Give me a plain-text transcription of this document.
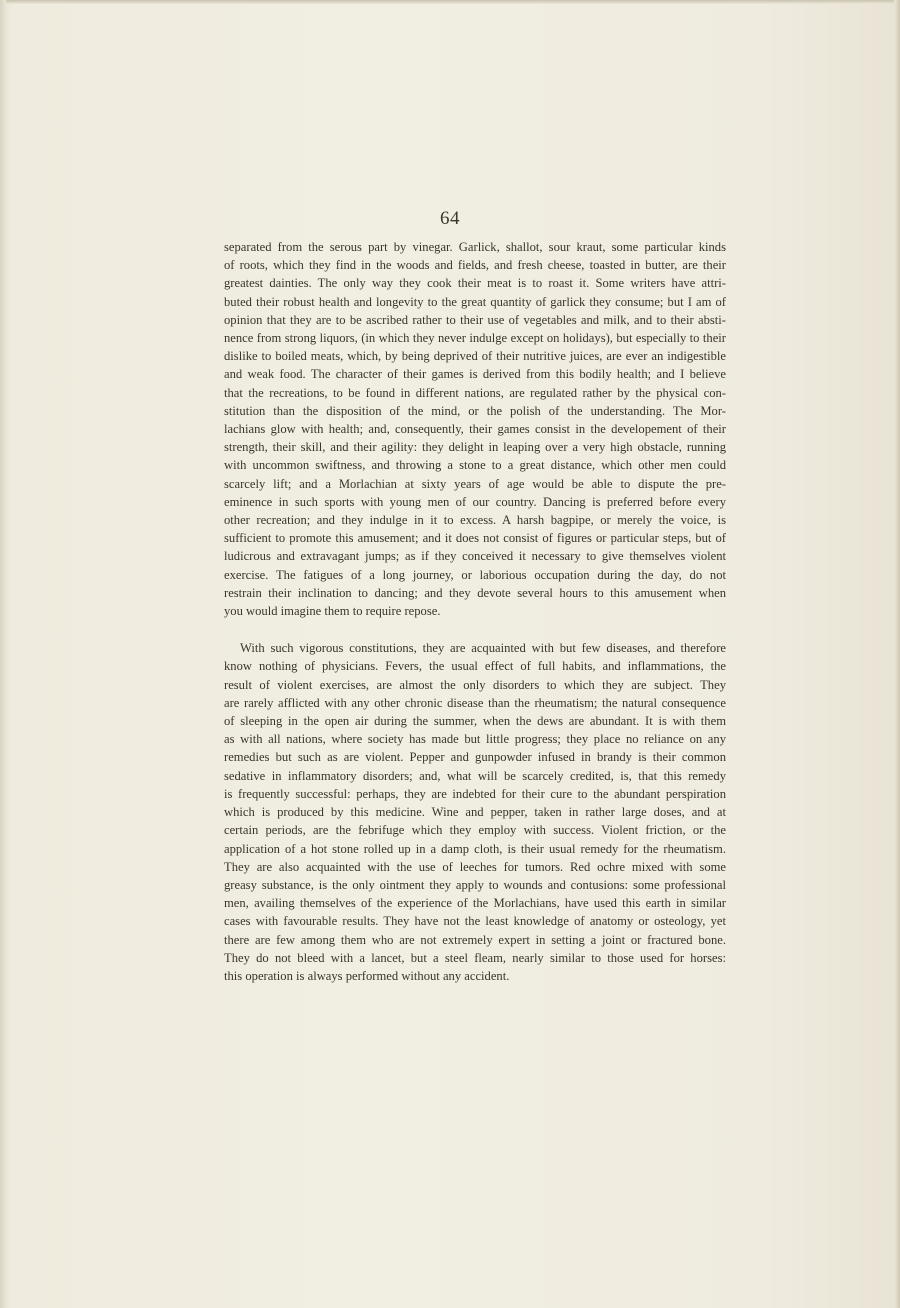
64

separated from the serous part by vinegar. Garlick, shallot, sour kraut, some particular kinds
of roots, which they find in the woods and fields, and fresh cheese, toasted in butter, are their
greatest dainties. The only way they cook their meat is to roast it. Some writers have attri-
buted their robust health and longevity to the great quantity of garlick they consume; but I am of
opinion that they are to be ascribed rather to their use of vegetables and milk, and to their absti-
nence from strong liquors, (in which they never indulge except on holidays), but especially to their
dislike to boiled meats, which, by being deprived of their nutritive juices, are ever an indigestible
and weak food. The character of their games is derived from this bodily health; and I believe
that the recreations, to be found in different nations, are regulated rather by the physical con-
stitution than the disposition of the mind, or the polish of the understanding. The Mor-
lachians glow with health; and, consequently, their games consist in the developement of their
strength, their skill, and their agility: they delight in leaping over a very high obstacle, running
with uncommon swiftness, and throwing a stone to a great distance, which other men could
scarcely lift; and a Morlachian at sixty years of age would be able to dispute the pre-
eminence in such sports with young men of our country. Dancing is preferred before every
other recreation; and they indulge in it to excess. A harsh bagpipe, or merely the voice, is
sufficient to promote this amusement; and it does not consist of figures or particular steps, but of
ludicrous and extravagant jumps; as if they conceived it necessary to give themselves violent
exercise. The fatigues of a long journey, or laborious occupation during the day, do not
restrain their inclination to dancing; and they devote several hours to this amusement when
you would imagine them to require repose.

With such vigorous constitutions, they are acquainted with but few diseases, and therefore
know nothing of physicians. Fevers, the usual effect of full habits, and inflammations, the
result of violent exercises, are almost the only disorders to which they are subject. They
are rarely afflicted with any other chronic disease than the rheumatism; the natural consequence
of sleeping in the open air during the summer, when the dews are abundant. It is with them
as with all nations, where society has made but little progress; they place no reliance on any
remedies but such as are violent. Pepper and gunpowder infused in brandy is their common
sedative in inflammatory disorders; and, what will be scarcely credited, is, that this remedy
is frequently successful: perhaps, they are indebted for their cure to the abundant perspiration
which is produced by this medicine. Wine and pepper, taken in rather large doses, and at
certain periods, are the febrifuge which they employ with success. Violent friction, or the
application of a hot stone rolled up in a damp cloth, is their usual remedy for the rheumatism.
They are also acquainted with the use of leeches for tumors. Red ochre mixed with some
greasy substance, is the only ointment they apply to wounds and contusions: some professional
men, availing themselves of the experience of the Morlachians, have used this earth in similar
cases with favourable results. They have not the least knowledge of anatomy or osteology, yet
there are few among them who are not extremely expert in setting a joint or fractured bone.
They do not bleed with a lancet, but a steel fleam, nearly similar to those used for horses:
this operation is always performed without any accident.
